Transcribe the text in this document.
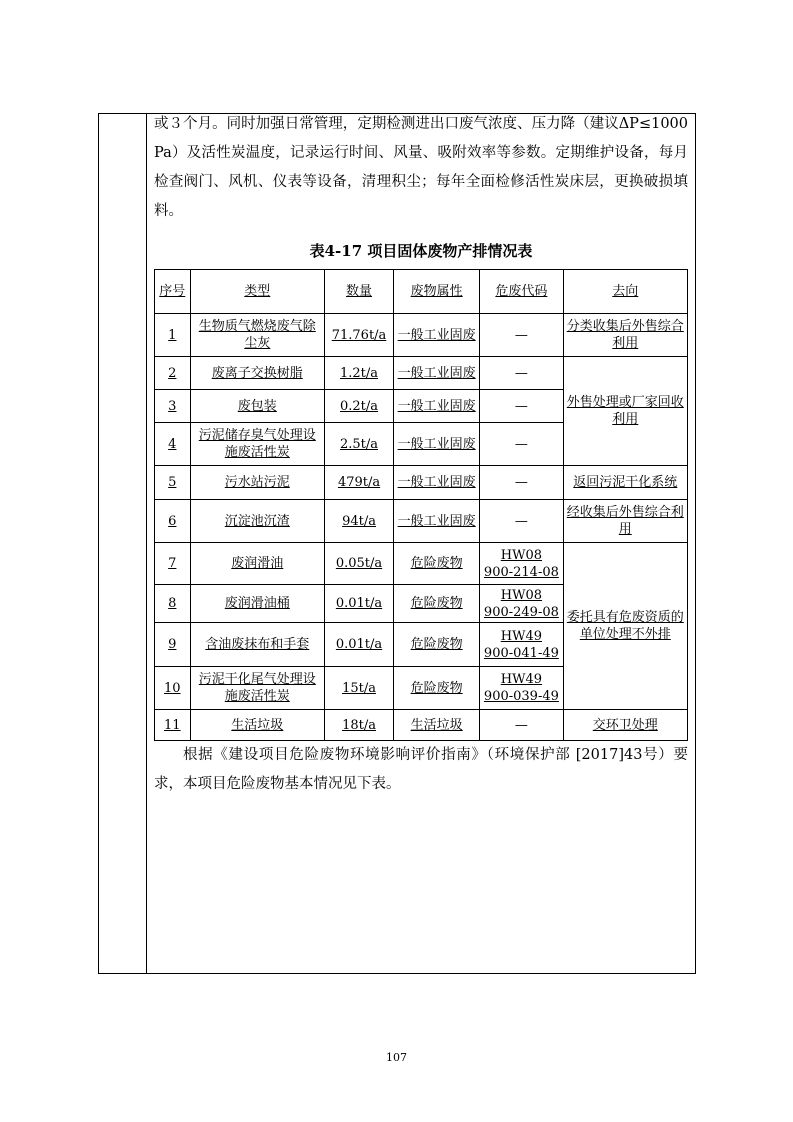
或３个月。同时加强日常管理，定期检测进出口废气浓度、压力降（建议ΔP≤1000 Pa）及活性炭温度，记录运行时间、风量、吸附效率等参数。定期维护设备，每月检查阀门、风机、仪表等设备，清理积尘；每年全面检修活性炭床层，更换破损填料。

表4-17 项目固体废物产排情况表
序号	类型	数量	废物属性	危废代码	去向
1	生物质气燃烧废气除尘灰	71.76t/a	一般工业固废	—	分类收集后外售综合利用
2	废离子交换树脂	1.2t/a	一般工业固废	—	外售处理或厂家回收利用
3	废包装	0.2t/a	一般工业固废	—	
4	污泥储存臭气处理设施废活性炭	2.5t/a	一般工业固废	—	
5	污水站污泥	479t/a	一般工业固废	—	返回污泥干化系统
6	沉淀池沉渣	94t/a	一般工业固废	—	经收集后外售综合利用
7	废润滑油	0.05t/a	危险废物	HW08
900-214-08	委托具有危废资质的单位处理不外排
8	废润滑油桶	0.01t/a	危险废物	HW08
900-249-08	
9	含油废抹布和手套	0.01t/a	危险废物	HW49
900-041-49	
10	污泥干化尾气处理设施废活性炭	15t/a	危险废物	HW49
900-039-49	
11	生活垃圾	18t/a	生活垃圾	—	交环卫处理

根据《建设项目危险废物环境影响评价指南》（环境保护部 [2017]43号）要求，本项目危险废物基本情况见下表。

107
